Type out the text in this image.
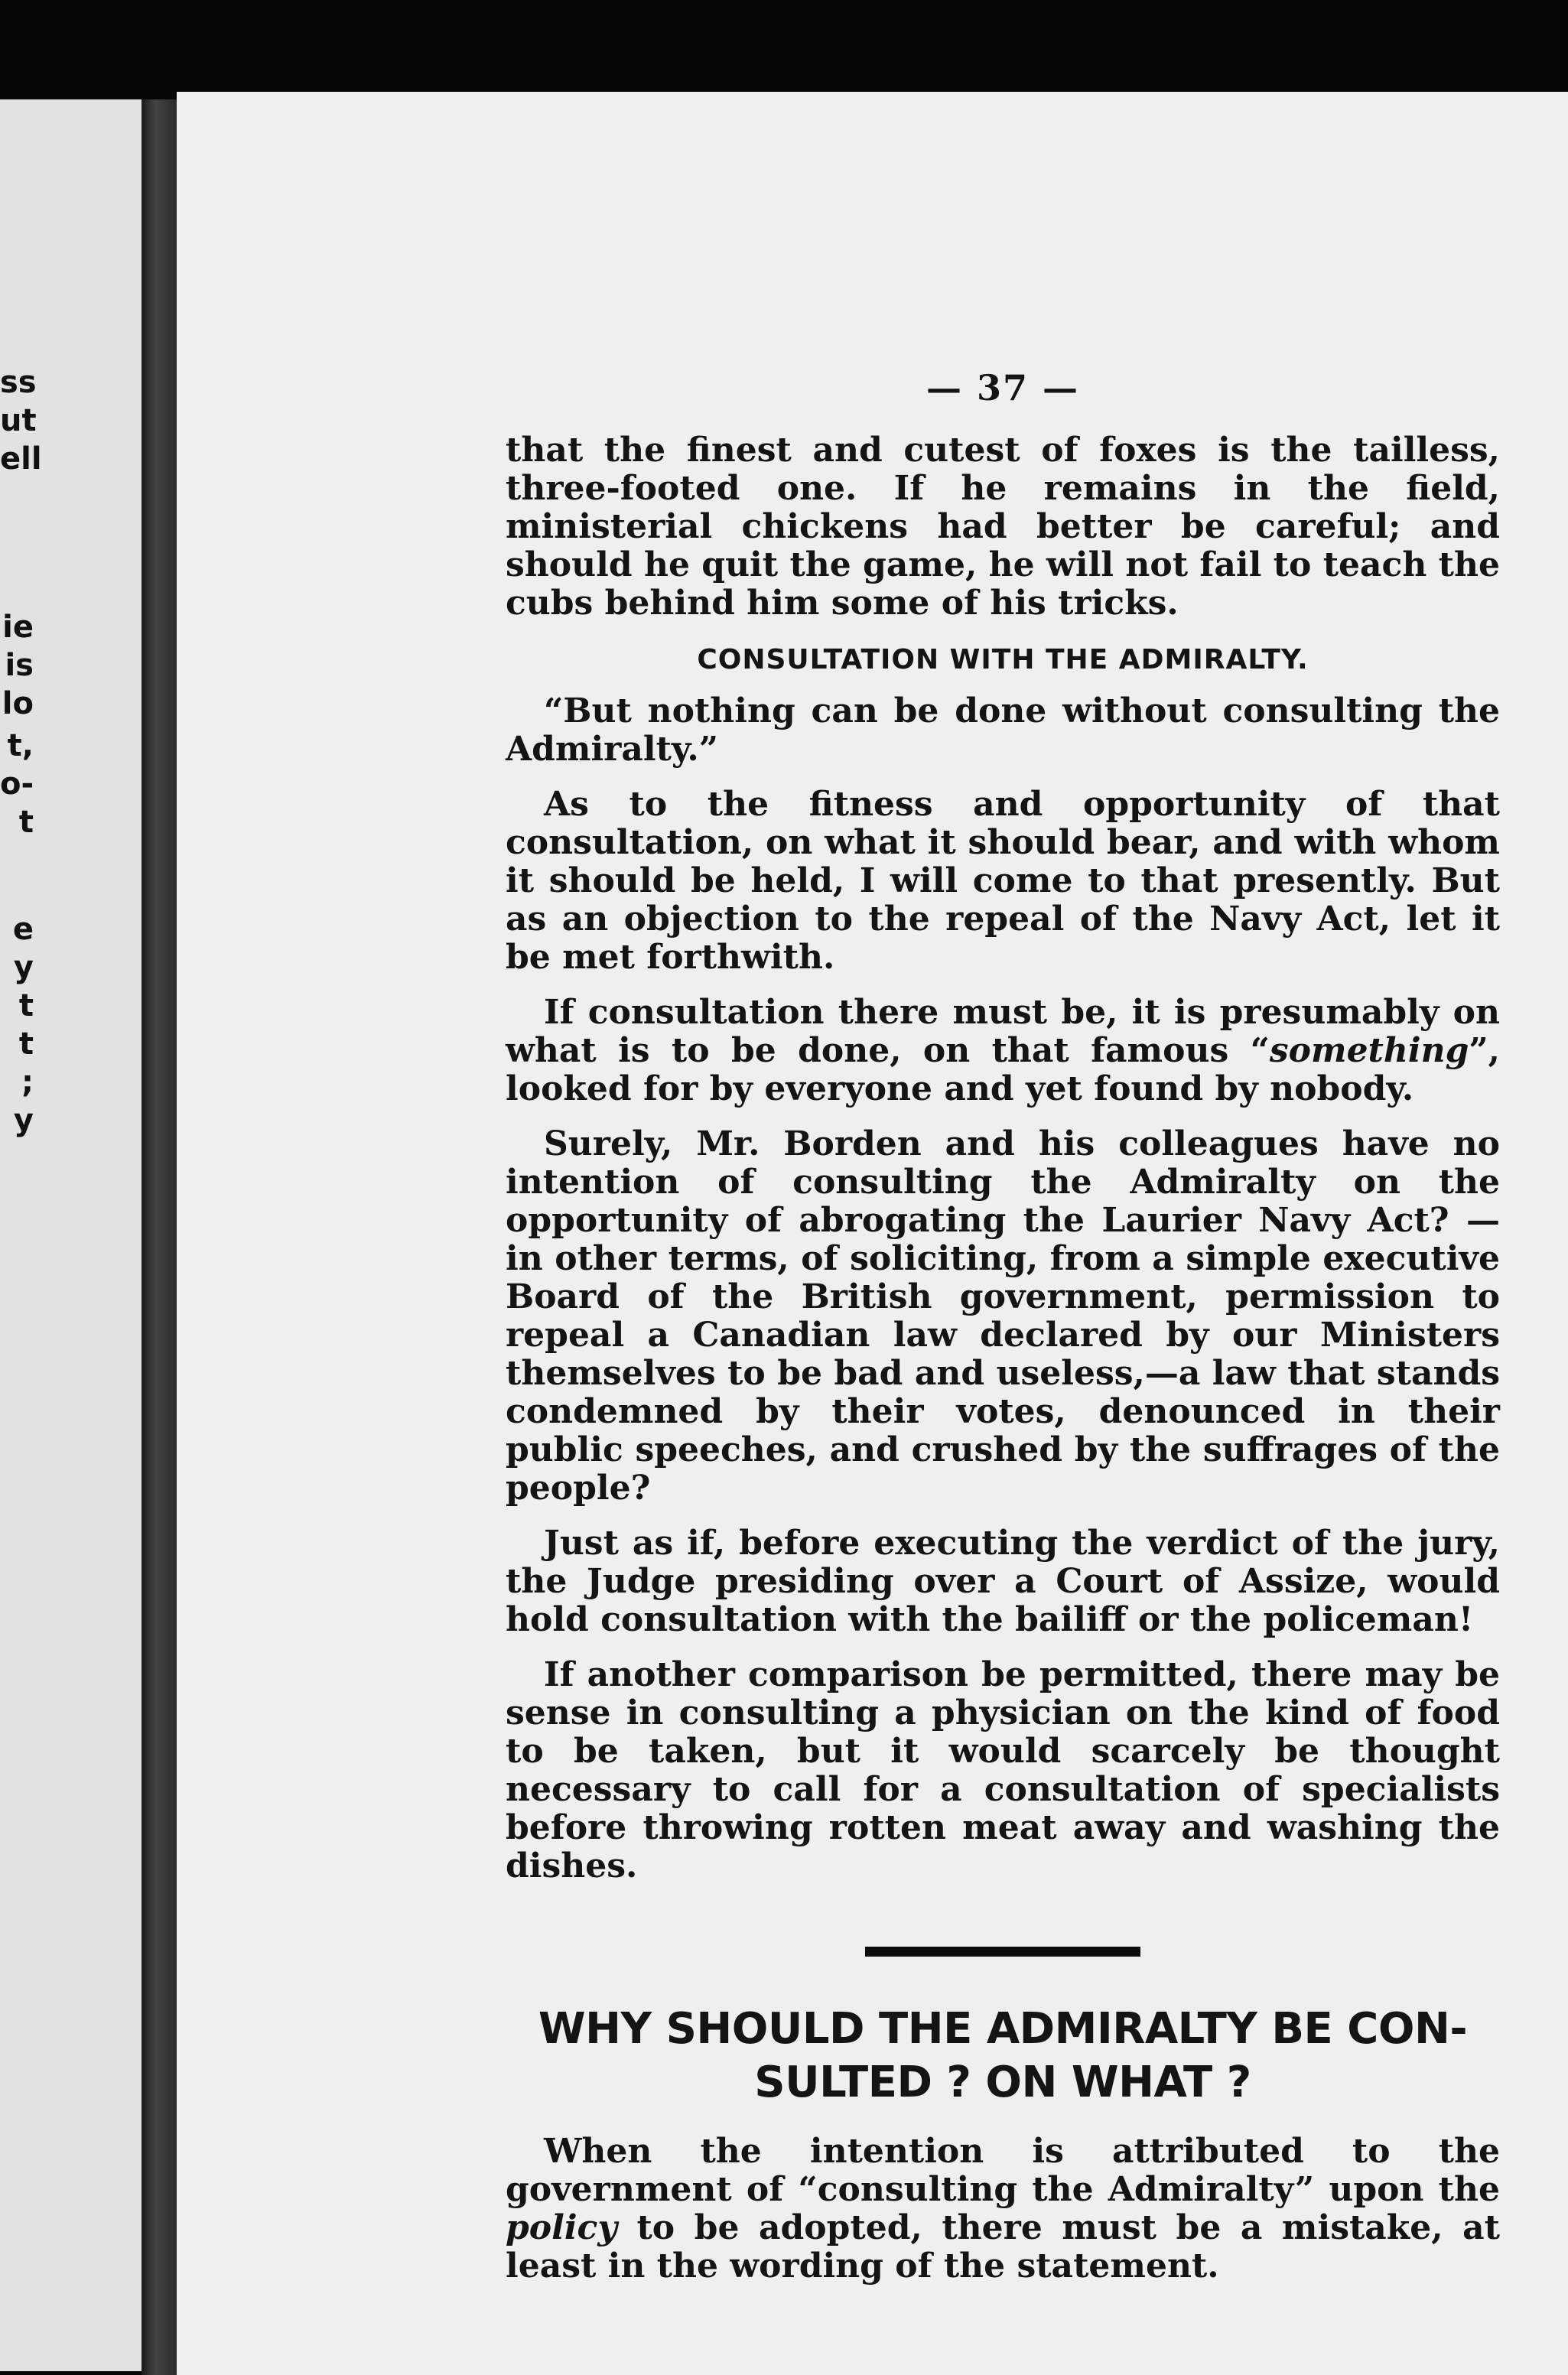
ss
ut
ell
ie
is
lo
t,
o-
t
e
y
t
t
;
y
— 37 —

that the finest and cutest of foxes is the tailless, three-footed one. If he remains in the field, ministerial chickens had better be careful; and should he quit the game, he will not fail to teach the cubs behind him some of his tricks.

CONSULTATION WITH THE ADMIRALTY.

“But nothing can be done without consulting the Admiralty.”

As to the fitness and opportunity of that consultation, on what it should bear, and with whom it should be held, I will come to that presently. But as an objection to the repeal of the Navy Act, let it be met forthwith.

If consultation there must be, it is presumably on what is to be done, on that famous “something”, looked for by everyone and yet found by nobody.

Surely, Mr. Borden and his colleagues have no intention of consulting the Admiralty on the opportunity of abrogating the Laurier Navy Act? — in other terms, of soliciting, from a simple executive Board of the British government, permission to repeal a Canadian law declared by our Ministers themselves to be bad and useless,—a law that stands condemned by their votes, denounced in their public speeches, and crushed by the suffrages of the people?

Just as if, before executing the verdict of the jury, the Judge presiding over a Court of Assize, would hold consultation with the bailiff or the policeman!

If another comparison be permitted, there may be sense in consulting a physician on the kind of food to be taken, but it would scarcely be thought necessary to call for a consultation of specialists before throwing rotten meat away and washing the dishes.

WHY SHOULD THE ADMIRALTY BE CON-
SULTED ? ON WHAT ?

When the intention is attributed to the government of “consulting the Admiralty” upon the policy to be adopted, there must be a mistake, at least in the wording of the statement.
